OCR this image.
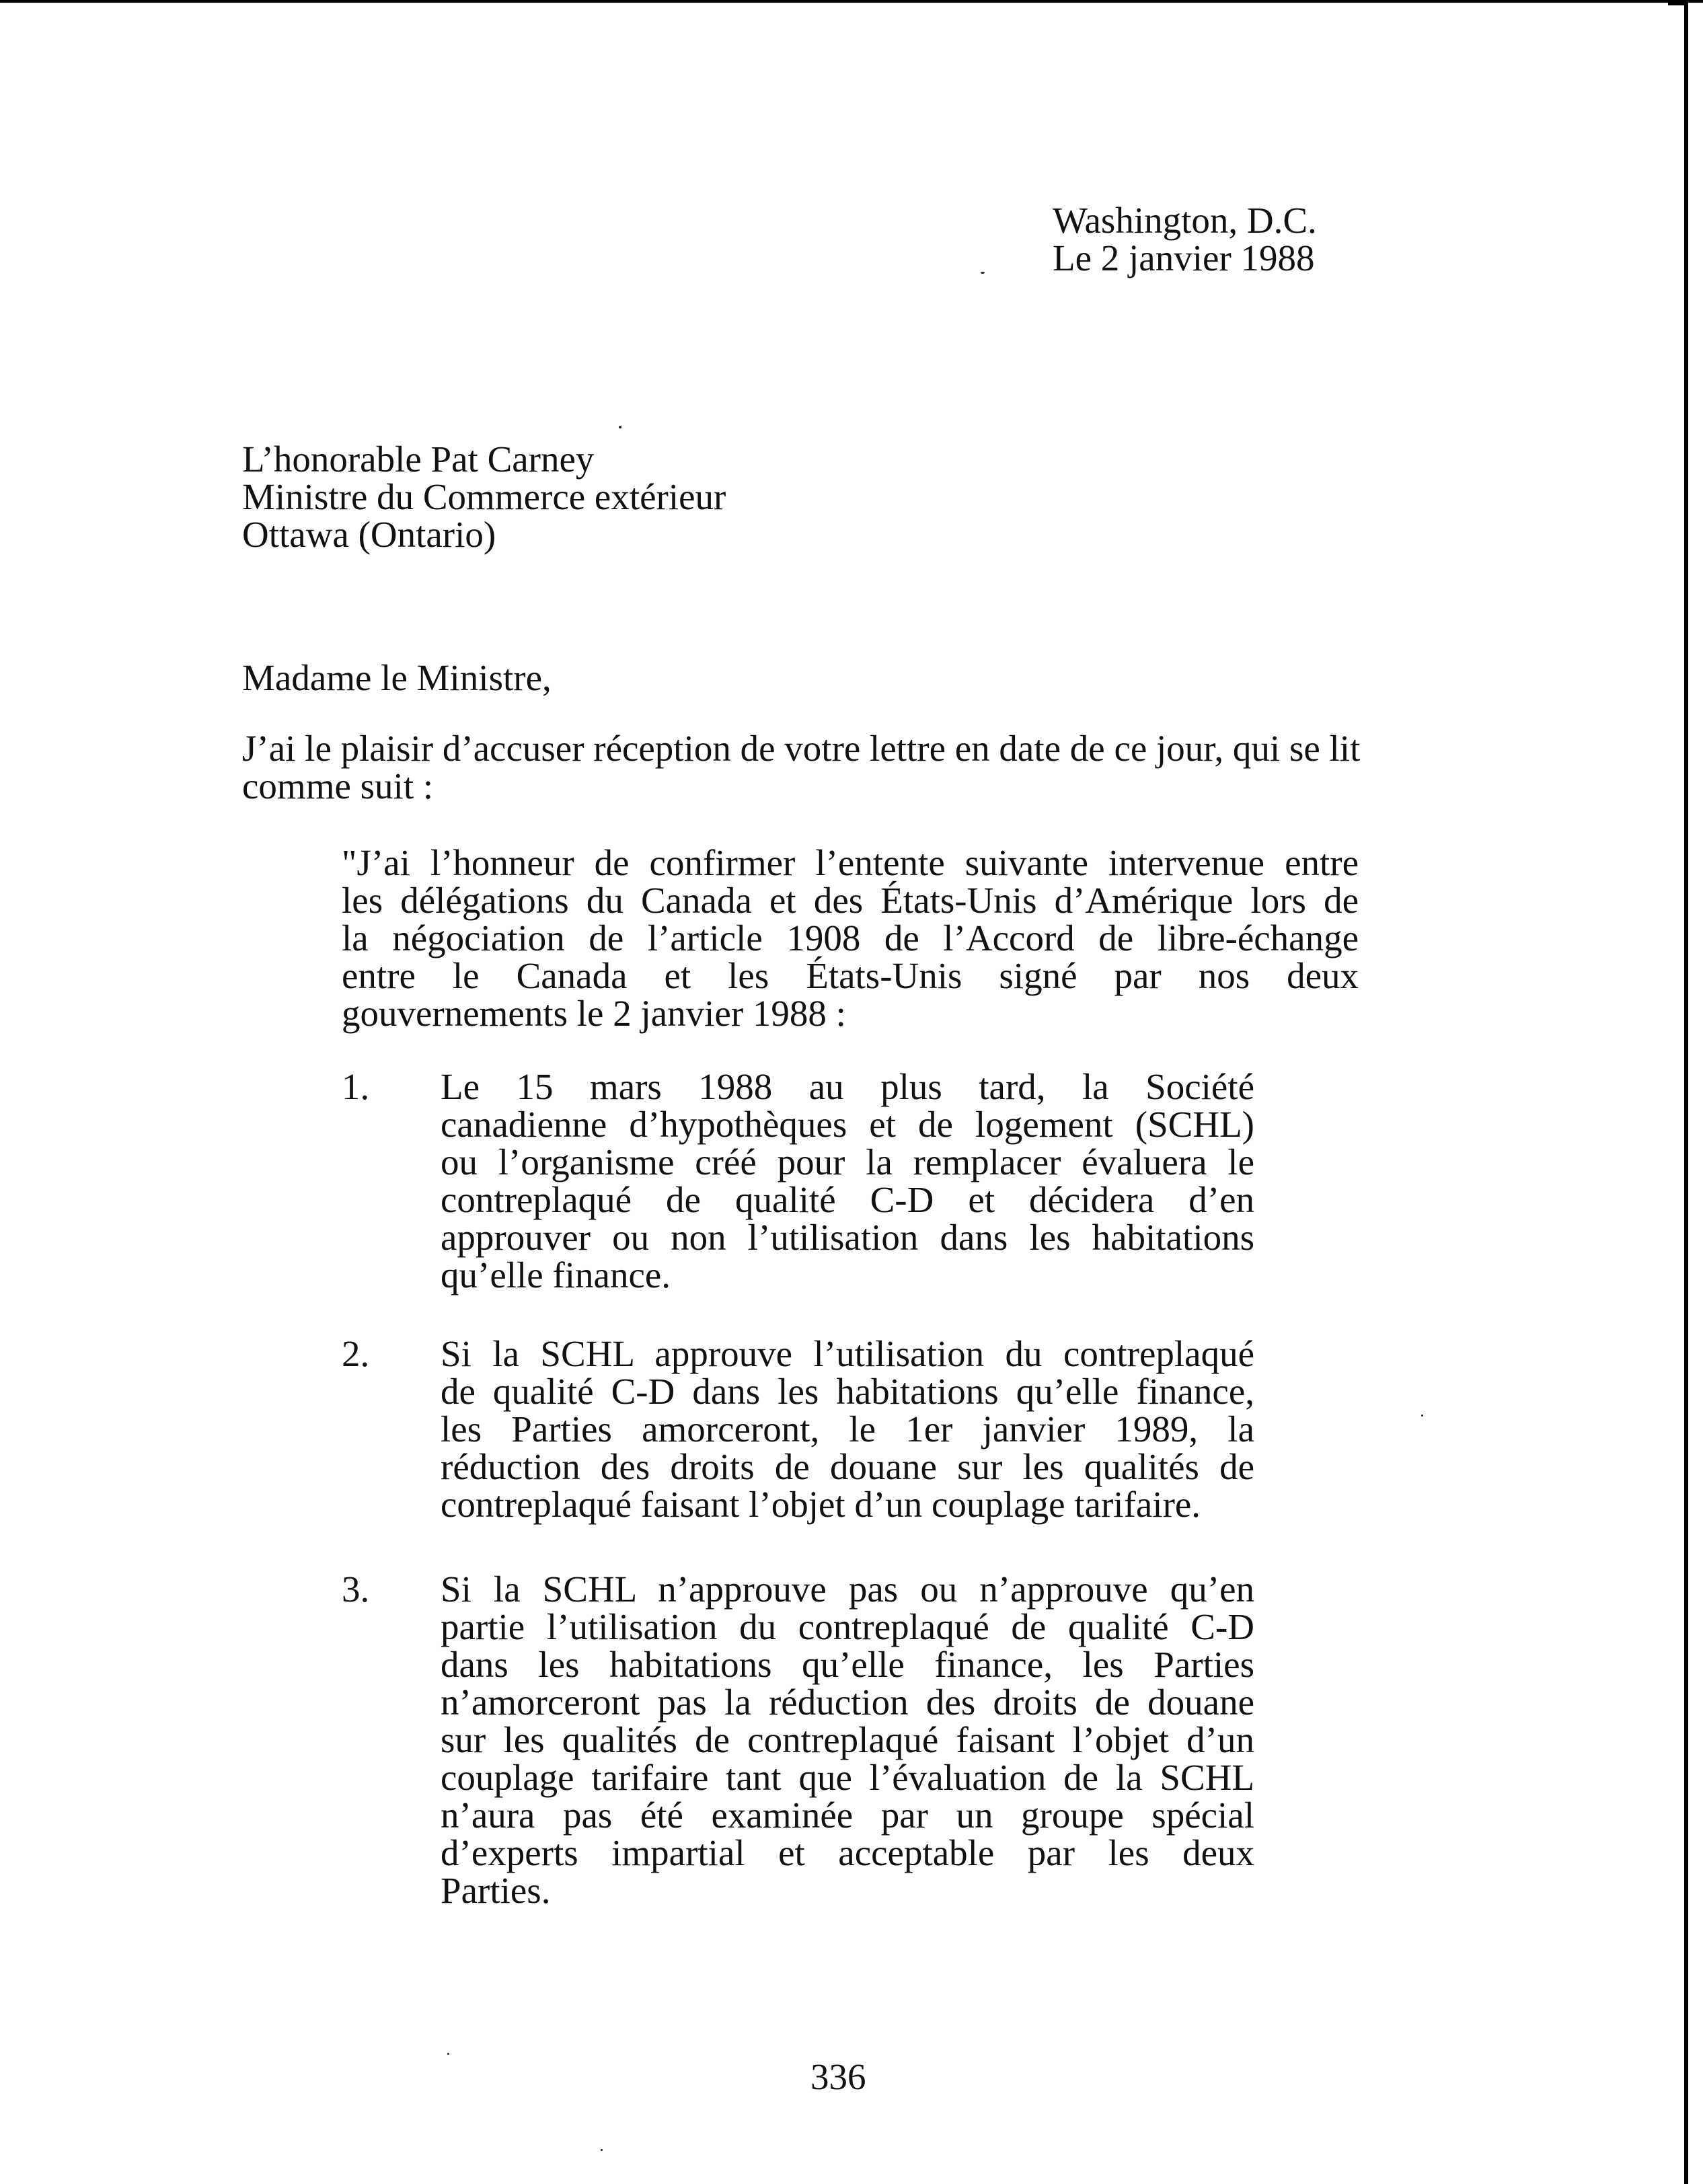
Washington, D.C.
Le 2 janvier 1988
L’honorable Pat Carney
Ministre du Commerce extérieur
Ottawa (Ontario)
Madame le Ministre,
J’ai le plaisir d’accuser réception de votre lettre en date de ce jour, qui se lit
comme suit :
"J’ai l’honneur de confirmer l’entente suivante intervenue entre
les délégations du Canada et des États-Unis d’Amérique lors de
la négociation de l’article 1908 de l’Accord de libre-échange
entre le Canada et les États-Unis signé par nos deux
gouvernements le 2 janvier 1988 :
1. Le 15 mars 1988 au plus tard, la Société
canadienne d’hypothèques et de logement (SCHL)
ou l’organisme créé pour la remplacer évaluera le
contreplaqué de qualité C-D et décidera d’en
approuver ou non l’utilisation dans les habitations
qu’elle finance.
2. Si la SCHL approuve l’utilisation du contreplaqué
de qualité C-D dans les habitations qu’elle finance,
les Parties amorceront, le 1er janvier 1989, la
réduction des droits de douane sur les qualités de
contreplaqué faisant l’objet d’un couplage tarifaire.
3. Si la SCHL n’approuve pas ou n’approuve qu’en
partie l’utilisation du contreplaqué de qualité C-D
dans les habitations qu’elle finance, les Parties
n’amorceront pas la réduction des droits de douane
sur les qualités de contreplaqué faisant l’objet d’un
couplage tarifaire tant que l’évaluation de la SCHL
n’aura pas été examinée par un groupe spécial
d’experts impartial et acceptable par les deux
Parties.
336
